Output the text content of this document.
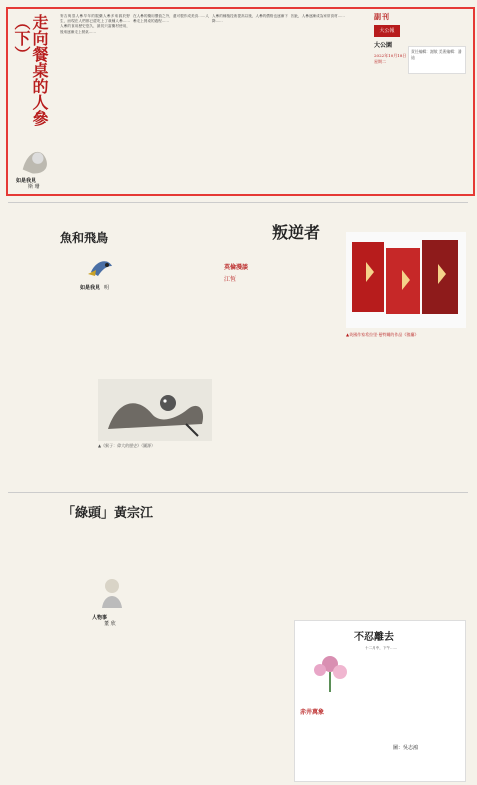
走向餐桌的人參（下）
如是我見
斯 珊
麥吉與蒸人參早年的服藥人參多來源於野生，而現在人們都已經吃上了栽種人參……人參的食用歷史悠久，最初只當藥材使用，後來逐漸走上餐桌……
在人參的藥用價值之外，還可製作成美食……人參走上餐桌的過程……
人參的種植技術提高以後，人參的價格也逐漸下降……
因此，人參逐漸成為家常食材……	副刊
大公報
大公園
2022年10月18日
星期二
責任編輯：謝敏 美術編輯：潘迪
魚和飛鳥
如是我見 明
▲《猴子：偉大的歷史》（圖源）
叛逆者
英倫漫談
江恆
▲英國作家希拉里·曼特爾的作品《狼廳》
「綠頭」黃宗江
人物事
董 欣
不忍離去
赤井萬象
十二月中，下午……
圖：吳志鴻
